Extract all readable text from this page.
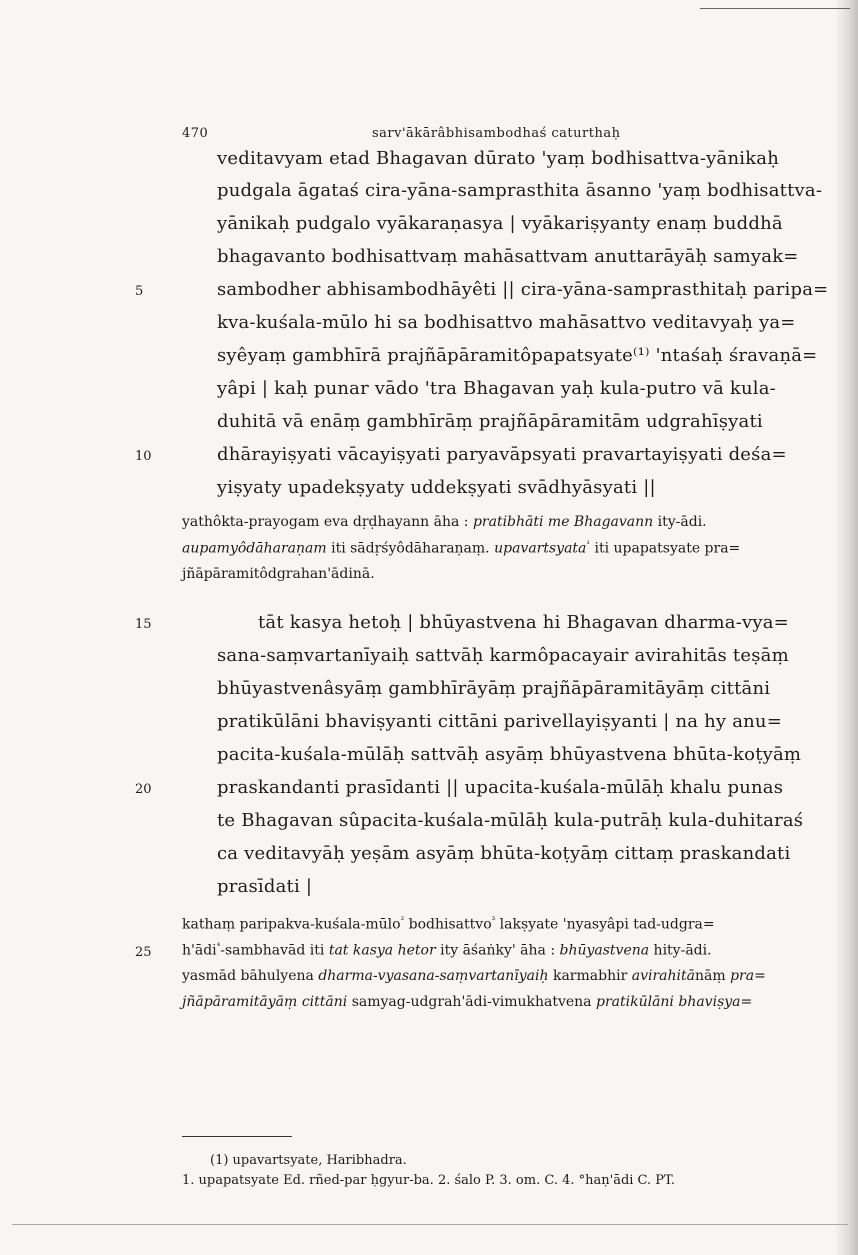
470	sarv'ākārâbhisambodhaś caturthaḥ
veditavyam etad Bhagavan dūrato 'yaṃ bodhisattva-yānikaḥ
pudgala āgataś cira-yāna-samprasthita āsanno 'yaṃ bodhisattva-
yānikaḥ pudgalo vyākaraṇasya | vyākariṣyanty enaṃ buddhā
bhagavanto bodhisattvaṃ mahāsattvam anuttarāyāḥ samyak=
sambodher abhisambodhāyêti || cira-yāna-samprasthitaḥ paripa=
kva-kuśala-mūlo hi sa bodhisattvo mahāsattvo veditavyaḥ ya=
syêyaṃ gambhīrā prajñāpāramitôpapatsyate⁽¹⁾ 'ntaśaḥ śravaṇā=
yâpi | kaḥ punar vādo 'tra Bhagavan yaḥ kula-putro vā kula-
duhitā vā enāṃ gambhīrāṃ prajñāpāramitām udgrahīṣyati
dhārayiṣyati vācayiṣyati paryavāpsyati pravartayiṣyati deśa=
yiṣyaty upadekṣyaty uddekṣyati svādhyāsyati ||
yathôkta-prayogam eva dṛḍhayann āha : pratibhāti me Bhagavann ity-ādi.
aupamyôdāharaṇam iti sādṛśyôdāharaṇaṃ. upavartsyata$^{^1}$ iti upapatsyate pra=
jñāpāramitôdgrahan'ādinā.
tāt kasya hetoḥ | bhūyastvena hi Bhagavan dharma-vya=
sana-saṃvartanīyaiḥ sattvāḥ karmôpacayair avirahitās teṣāṃ
bhūyastvenâsyāṃ gambhīrāyāṃ prajñāpāramitāyāṃ cittāni
pratikūlāni bhaviṣyanti cittāni parivellayiṣyanti | na hy anu=
pacita-kuśala-mūlāḥ sattvāḥ asyāṃ bhūyastvena bhūta-koṭyāṃ
praskandanti prasīdanti || upacita-kuśala-mūlāḥ khalu punas
te Bhagavan sûpacita-kuśala-mūlāḥ kula-putrāḥ kula-duhitaraś
ca veditavyāḥ yeṣām asyāṃ bhūta-koṭyāṃ cittaṃ praskandati
prasīdati |
kathaṃ paripakva-kuśala-mūlo$^{^2}$ bodhisattvo$^{^3}$ lakṣyate 'nyasyâpi tad-udgra=
h'ādi$^{^4}$-sambhavād iti tat kasya hetor ity āśaṅky' āha : bhūyastvena hity-ādi.
yasmād bāhulyena dharma-vyasana-saṃvartanīyaiḥ karmabhir avirahitānāṃ pra=
jñāpāramitāyāṃ cittāni samyag-udgrah'ādi-vimukhatvena pratikūlāni bhaviṣya=
5
10
15
20
25
(1) upavartsyate, Haribhadra.
1. upapatsyate Ed. rñed-par ḥgyur-ba. 2. śalo P. 3. om. C. 4. °haṇ'ādi C. PT.
